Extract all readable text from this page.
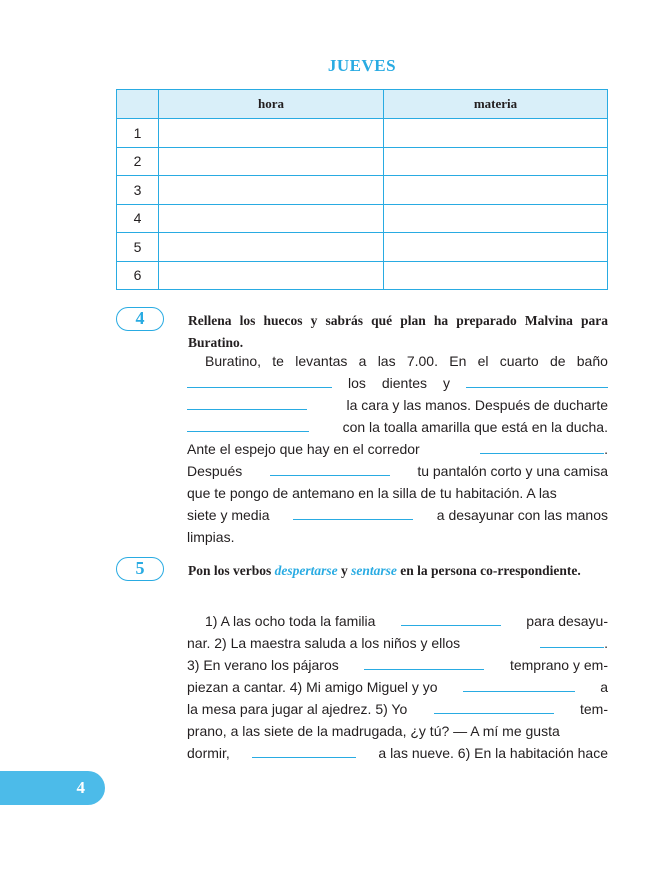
JUEVES
	hora	materia
1		
2		
3		
4		
5		
6		
4	Rellena los huecos y sabrás qué plan ha preparado Malvina para Buratino.
Buratino, te levantas a las 7.00. En el cuarto de baño
los dientes y
la cara y las manos. Después de ducharte
con la toalla amarilla que está en la ducha.
Ante el espejo que hay en el corredor	.
Después	tu pantalón corto y una camisa
que te pongo de antemano en la silla de tu habitación. A las
siete y media	a desayunar con las manos
limpias.
5	Pon los verbos despertarse y sentarse en la persona co-rrespondiente.
1) A las ocho toda la familia	para desayu-
nar. 2) La maestra saluda a los niños y ellos	.
3) En verano los pájaros	temprano y em-
piezan a cantar. 4) Mi amigo Miguel y yo	a
la mesa para jugar al ajedrez. 5) Yo	tem-
prano, a las siete de la madrugada, ¿y tú? — A mí me gusta
dormir,	a las nueve. 6) En la habitación hace
4
